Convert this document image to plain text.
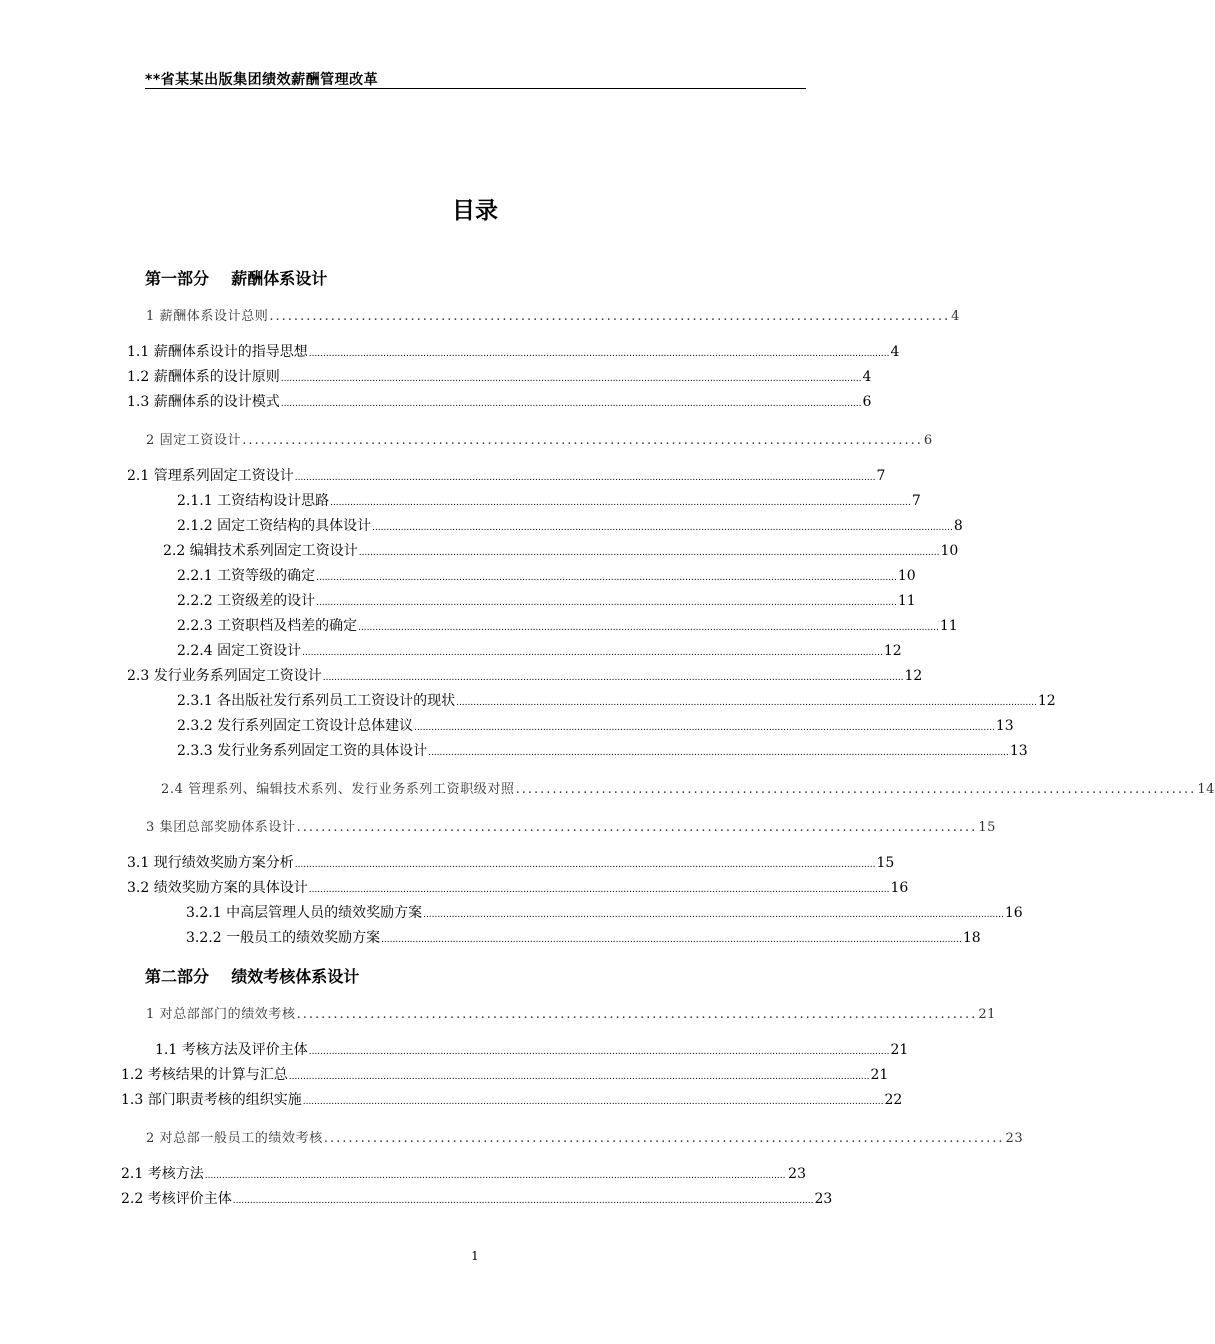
**省某某出版集团绩效薪酬管理改革
目录
第一部分    薪酬体系设计
1 薪酬体系设计总则 ............................................................................................................... 4
1.1 薪酬体系设计的指导思想 ........................................................................................................................................................................................................... 4
1.2 薪酬体系的设计原则 ........................................................................................................................................................................................................... 4
1.3 薪酬体系的设计模式 ........................................................................................................................................................................................................... 6
2 固定工资设计 ............................................................................................................... 6
2.1 管理系列固定工资设计 ........................................................................................................................................................................................................... 7
2.1.1 工资结构设计思路 ........................................................................................................................................................................................................... 7
2.1.2 固定工资结构的具体设计 ........................................................................................................................................................................................................... 8
2.2 编辑技术系列固定工资设计 ........................................................................................................................................................................................................... 10
2.2.1 工资等级的确定 ........................................................................................................................................................................................................... 10
2.2.2 工资级差的设计 ........................................................................................................................................................................................................... 11
2.2.3 工资职档及档差的确定 ........................................................................................................................................................................................................... 11
2.2.4 固定工资设计 ........................................................................................................................................................................................................... 12
2.3 发行业务系列固定工资设计 ........................................................................................................................................................................................................... 12
2.3.1 各出版社发行系列员工工资设计的现状 ........................................................................................................................................................................................................... 12
2.3.2 发行系列固定工资设计总体建议 ........................................................................................................................................................................................................... 13
2.3.3 发行业务系列固定工资的具体设计 ........................................................................................................................................................................................................... 13
2.4 管理系列、编辑技术系列、发行业务系列工资职级对照 ............................................................................................................... 14
3 集团总部奖励体系设计 ............................................................................................................... 15
3.1 现行绩效奖励方案分析 ........................................................................................................................................................................................................... 15
3.2 绩效奖励方案的具体设计 ........................................................................................................................................................................................................... 16
3.2.1 中高层管理人员的绩效奖励方案 ........................................................................................................................................................................................................... 16
3.2.2 一般员工的绩效奖励方案 ........................................................................................................................................................................................................... 18
第二部分    绩效考核体系设计
1 对总部部门的绩效考核 ............................................................................................................... 21
1.1 考核方法及评价主体 ........................................................................................................................................................................................................... 21
1.2 考核结果的计算与汇总 ........................................................................................................................................................................................................... 21
1.3 部门职责考核的组织实施 ........................................................................................................................................................................................................... 22
2 对总部一般员工的绩效考核 ............................................................................................................... 23
2.1 考核方法 ........................................................................................................................................................................................................... 23
2.2 考核评价主体 ........................................................................................................................................................................................................... 23
1
